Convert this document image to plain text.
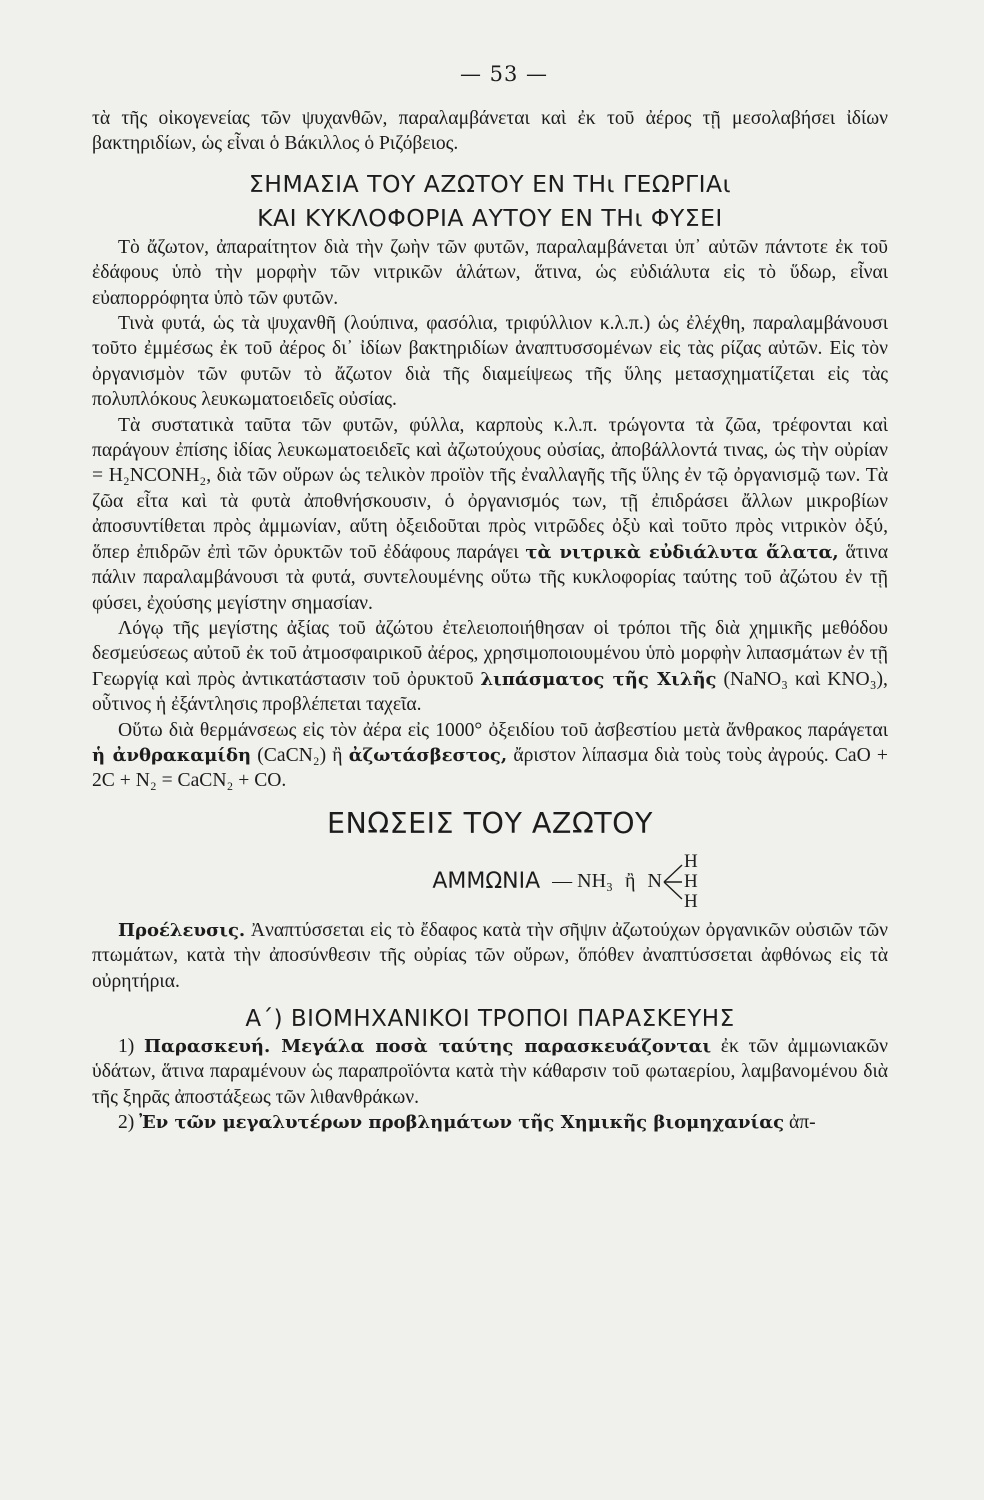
— 53 —

τὰ τῆς οἰκογενείας τῶν ψυχανθῶν, παραλαμβάνεται καὶ ἐκ τοῦ ἀέρος τῇ μεσολαβήσει ἰδίων βακτηριδίων, ὡς εἶναι ὁ Βάκιλλος ὁ Ριζόβειος.

ΣΗΜΑΣΙΑ ΤΟΥ ΑΖΩΤΟΥ ΕΝ ΤΗι ΓΕΩΡΓΙΑι
ΚΑΙ ΚΥΚΛΟΦΟΡΙΑ ΑΥΤΟΥ ΕΝ ΤΗι ΦΥΣΕΙ

Τὸ ἄζωτον, ἀπαραίτητον διὰ τὴν ζωὴν τῶν φυτῶν, παραλαμβάνεται ὑπ᾽ αὐτῶν πάντοτε ἐκ τοῦ ἐδάφους ὑπὸ τὴν μορφὴν τῶν νιτρικῶν ἁλάτων, ἅτινα, ὡς εὐδιάλυτα εἰς τὸ ὕδωρ, εἶναι εὐαπορρόφητα ὑπὸ τῶν φυτῶν.

Τινὰ φυτά, ὡς τὰ ψυχανθῆ (λούπινα, φασόλια, τριφύλλιον κ.λ.π.) ὡς ἐλέχθη, παραλαμβάνουσι τοῦτο ἐμμέσως ἐκ τοῦ ἀέρος δι᾽ ἰδίων βακτηριδίων ἀναπτυσσομένων εἰς τὰς ρίζας αὐτῶν. Εἰς τὸν ὀργανισμὸν τῶν φυτῶν τὸ ἄζωτον διὰ τῆς διαμείψεως τῆς ὕλης μετασχηματίζεται εἰς τὰς πολυπλόκους λευκωματοειδεῖς οὐσίας.

Τὰ συστατικὰ ταῦτα τῶν φυτῶν, φύλλα, καρποὺς κ.λ.π. τρώγοντα τὰ ζῶα, τρέφονται καὶ παράγουν ἐπίσης ἰδίας λευκωματοειδεῖς καὶ ἀζωτούχους οὐσίας, ἀποβάλλοντά τινας, ὡς τὴν οὐρίαν = H₂NCONH₂, διὰ τῶν οὔρων ὡς τελικὸν προϊὸν τῆς ἐναλλαγῆς τῆς ὕλης ἐν τῷ ὀργανισμῷ των. Τὰ ζῶα εἶτα καὶ τὰ φυτὰ ἀποθνήσκουσιν, ὁ ὀργανισμός των, τῇ ἐπιδράσει ἄλλων μικροβίων ἀποσυντίθεται πρὸς ἀμμωνίαν, αὕτη ὀξειδοῦται πρὸς νιτρῶδες ὀξὺ καὶ τοῦτο πρὸς νιτρικὸν ὀξύ, ὅπερ ἐπιδρῶν ἐπὶ τῶν ὀρυκτῶν τοῦ ἐδάφους παράγει τὰ νιτρικὰ εὐδιάλυτα ἅλατα, ἅτινα πάλιν παραλαμβάνουσι τὰ φυτά, συντελουμένης οὕτω τῆς κυκλοφορίας ταύτης τοῦ ἀζώτου ἐν τῇ φύσει, ἐχούσης μεγίστην σημασίαν.

Λόγῳ τῆς μεγίστης ἀξίας τοῦ ἀζώτου ἐτελειοποιήθησαν οἱ τρόποι τῆς διὰ χημικῆς μεθόδου δεσμεύσεως αὐτοῦ ἐκ τοῦ ἀτμοσφαιρικοῦ ἀέρος, χρησιμοποιουμένου ὑπὸ μορφὴν λιπασμάτων ἐν τῇ Γεωργίᾳ καὶ πρὸς ἀντικατάστασιν τοῦ ὀρυκτοῦ λιπάσματος τῆς Χιλῆς (NaNO₃ καὶ KNO₃), οὗτινος ἡ ἐξάντλησις προβλέπεται ταχεῖα.

Οὕτω διὰ θερμάνσεως εἰς τὸν ἀέρα εἰς 1000° ὀξειδίου τοῦ ἀσβεστίου μετὰ ἄνθρακος παράγεται ἡ ἀνθρακαμίδη (CaCN₂) ἢ ἀζωτάσβεστος, ἄριστον λίπασμα διὰ τοὺς τοὺς ἀγρούς. CaO + 2C + N₂ = CaCN₂ + CO.

ΕΝΩΣΕΙΣ ΤΟΥ ΑΖΩΤΟΥ
ΑΜΜΩΝΙΑ — NH₃ ἢ N
H
H
H

Προέλευσις. Ἀναπτύσσεται εἰς τὸ ἔδαφος κατὰ τὴν σῆψιν ἀζωτούχων ὀργανικῶν οὐσιῶν τῶν πτωμάτων, κατὰ τὴν ἀποσύνθεσιν τῆς οὐρίας τῶν οὔρων, ὅπόθεν ἀναπτύσσεται ἀφθόνως εἰς τὰ οὐρητήρια.

Α΄) ΒΙΟΜΗΧΑΝΙΚΟΙ ΤΡΟΠΟΙ ΠΑΡΑΣΚΕΥΗΣ

1) Παρασκευή. Μεγάλα ποσὰ ταύτης παρασκευάζονται ἐκ τῶν ἀμμωνιακῶν ὑδάτων, ἅτινα παραμένουν ὡς παραπροϊόντα κατὰ τὴν κάθαρσιν τοῦ φωταερίου, λαμβανομένου διὰ τῆς ξηρᾶς ἀποστάξεως τῶν λιθανθράκων.

2) Ἐν τῶν μεγαλυτέρων προβλημάτων τῆς Χημικῆς βιομηχανίας ἀπ-
